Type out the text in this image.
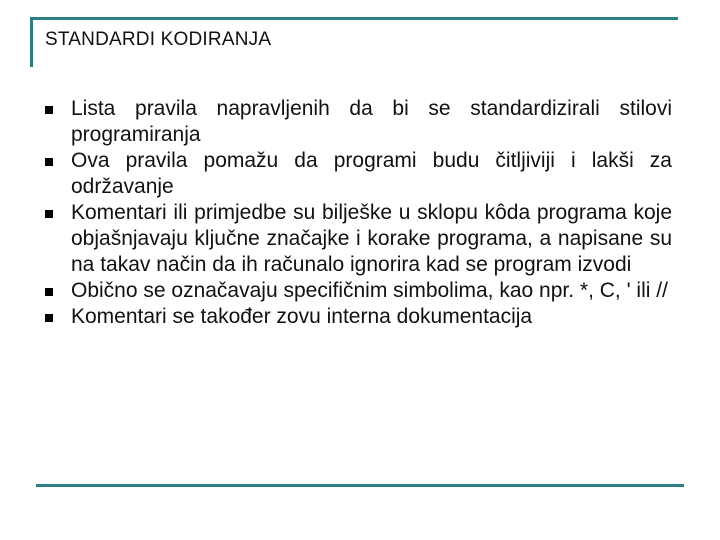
STANDARDI KODIRANJA
Lista pravila napravljenih da bi se standardizirali stilovi programiranja
Ova pravila pomažu da programi budu čitljiviji i lakši za održavanje
Komentari ili primjedbe su bilješke u sklopu kôda programa koje objašnjavaju ključne značajke i korake programa, a napisane su na takav način da ih računalo ignorira kad se program izvodi
Obično se označavaju specifičnim simbolima, kao npr. *, C, ' ili //
Komentari se također zovu interna dokumentacija
